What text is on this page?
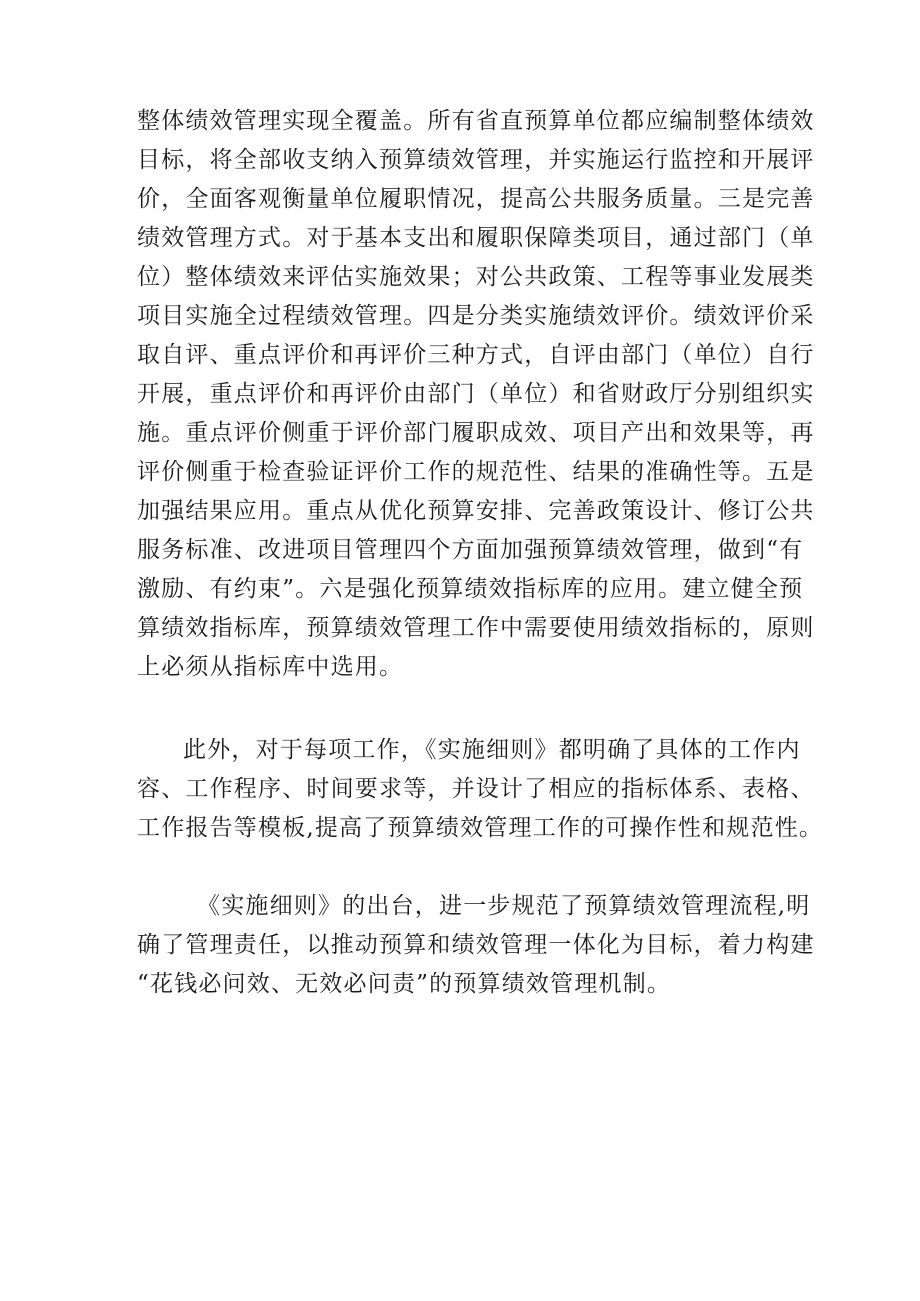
整体绩效管理实现全覆盖。所有省直预算单位都应编制整体绩效
目标，将全部收支纳入预算绩效管理，并实施运行监控和开展评
价，全面客观衡量单位履职情况，提高公共服务质量。三是完善
绩效管理方式。对于基本支出和履职保障类项目，通过部门（单
位）整体绩效来评估实施效果；对公共政策、工程等事业发展类
项目实施全过程绩效管理。四是分类实施绩效评价。绩效评价采
取自评、重点评价和再评价三种方式，自评由部门（单位）自行
开展，重点评价和再评价由部门（单位）和省财政厅分别组织实
施。重点评价侧重于评价部门履职成效、项目产出和效果等，再
评价侧重于检查验证评价工作的规范性、结果的准确性等。五是
加强结果应用。重点从优化预算安排、完善政策设计、修订公共
服务标准、改进项目管理四个方面加强预算绩效管理，做到“有
激励、有约束”。六是强化预算绩效指标库的应用。建立健全预
算绩效指标库，预算绩效管理工作中需要使用绩效指标的，原则
上必须从指标库中选用。
此外，对于每项工作，《实施细则》都明确了具体的工作内
容、工作程序、时间要求等，并设计了相应的指标体系、表格、
工作报告等模板,提高了预算绩效管理工作的可操作性和规范性。
《实施细则》的出台，进一步规范了预算绩效管理流程,明
确了管理责任，以推动预算和绩效管理一体化为目标，着力构建
“花钱必问效、无效必问责”的预算绩效管理机制。
